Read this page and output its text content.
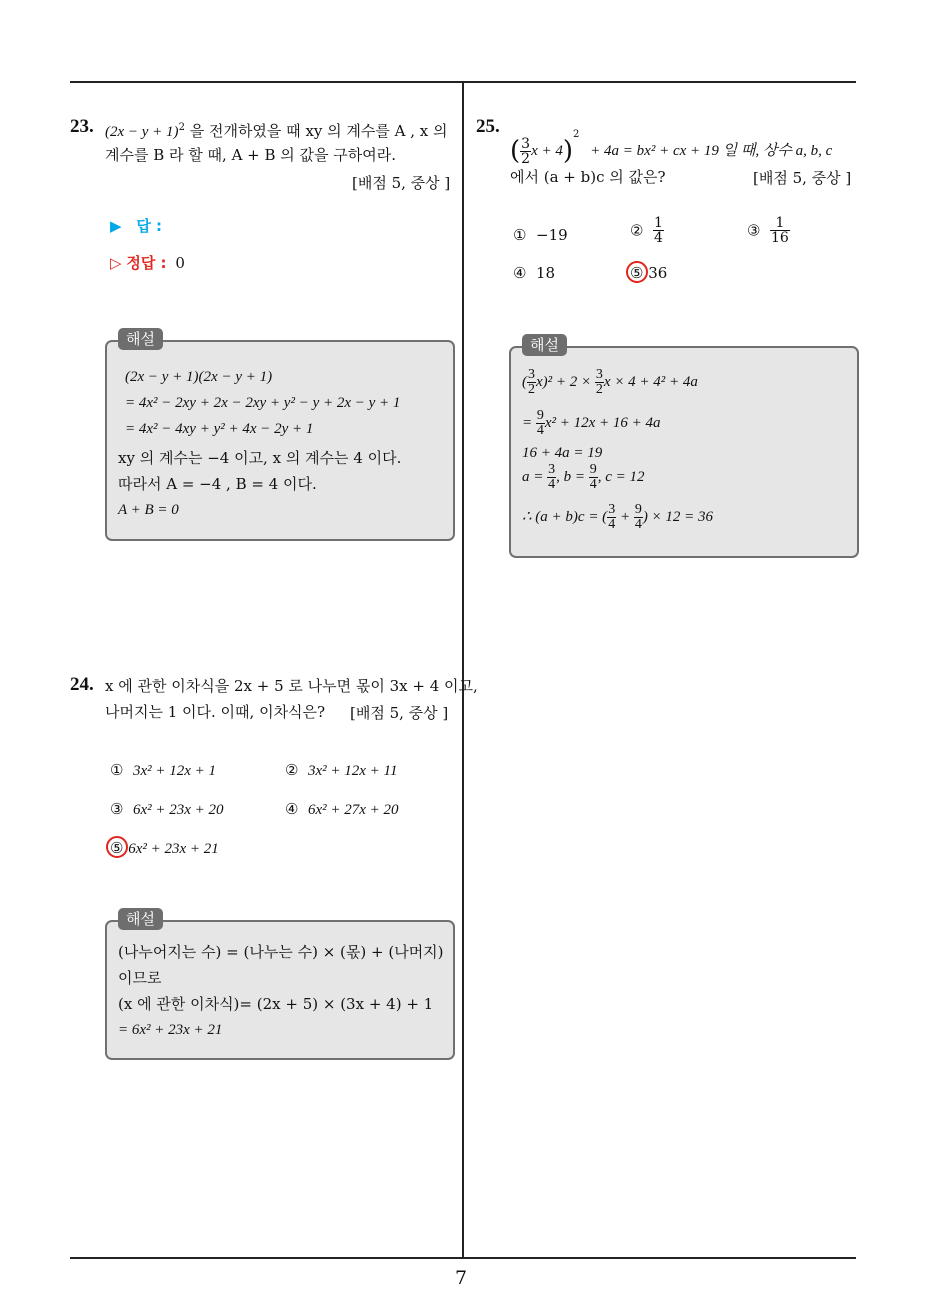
7
23. $(2x - y + 1)^2$ 을 전개하였을 때 xy 의 계수를 A , x 의
계수를 B 라 할 때, A + B 의 값을 구하여라.
[배점 5, 중상 ]
▶ 답 :
▷ 정답 : 0
해설
(2x − y + 1)(2x − y + 1)
= 4x² − 2xy + 2x − 2xy + y² − y + 2x − y + 1
= 4x² − 4xy + y² + 4x − 2y + 1
xy 의 계수는 −4 이고, x 의 계수는 4 이다.
따라서 A = −4 , B = 4 이다.
A + B = 0
24. x 에 관한 이차식을 2x + 5 로 나누면 몫이 3x + 4 이고,
나머지는 1 이다. 이때, 이차식은? [배점 5, 중상 ]
① 3x² + 12x + 1	② 3x² + 12x + 11
③ 6x² + 23x + 20	④ 6x² + 27x + 20
⑤ 6x² + 23x + 21
해설
(나누어지는 수) = (나누는 수) × (몫) + (나머지)
이므로
(x 에 관한 이차식)= (2x + 5) × (3x + 4) + 1
= 6x² + 23x + 21
25.
( $\frac{3}{2}$ x + 4)$^2$ + 4a = bx² + cx + 19 일 때, 상수 a, b, c
에서 (a + b)c 의 값은?	[배점 5, 중상 ]
① −19	② $\frac{1}{4}$	③ $\frac{1}{16}$
④ 18	⑤ 36
해설
( $\frac{3}{2} x)^2 + 2 \times \frac{3}{2}$ x × 4 + 4² + 4a
= $\frac{9}{4} x^2 + 12x + 16 + 4a$
16 + 4a = 19
$a = \frac{3}{4}$ , $b = \frac{9}{4}$ , c = 12
∴ (a + b)c = ( $\frac{3}{4} + \frac{9}{4}$ ) × 12 = 36
